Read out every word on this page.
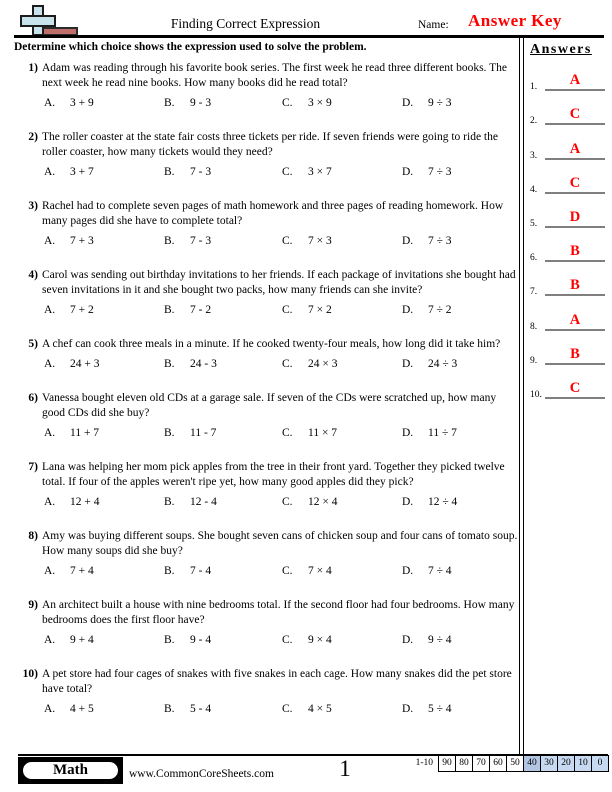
Finding Correct Expression	Name: Answer Key
Determine which choice shows the expression used to solve the problem.	Answers
1.	A
2.	C
3.	A
4.	C
5.	D
6.	B
7.	B
8.	A
9.	B
10.	C
1) Adam was reading through his favorite book series. The first week he read three different books. The next week he read nine books. How many books did he read total?
A. 3 + 9	B. 9 - 3	C. 3 × 9	D. 9 ÷ 3
2) The roller coaster at the state fair costs three tickets per ride. If seven friends were going to ride the roller coaster, how many tickets would they need?
A. 3 + 7	B. 7 - 3	C. 3 × 7	D. 7 ÷ 3
3) Rachel had to complete seven pages of math homework and three pages of reading homework. How many pages did she have to complete total?
A. 7 + 3	B. 7 - 3	C. 7 × 3	D. 7 ÷ 3
4) Carol was sending out birthday invitations to her friends. If each package of invitations she bought had seven invitations in it and she bought two packs, how many friends can she invite?
A. 7 + 2	B. 7 - 2	C. 7 × 2	D. 7 ÷ 2
5) A chef can cook three meals in a minute. If he cooked twenty-four meals, how long did it take him?
A. 24 + 3	B. 24 - 3	C. 24 × 3	D. 24 ÷ 3
6) Vanessa bought eleven old CDs at a garage sale. If seven of the CDs were scratched up, how many good CDs did she buy?
A. 11 + 7	B. 11 - 7	C. 11 × 7	D. 11 ÷ 7
7) Lana was helping her mom pick apples from the tree in their front yard. Together they picked twelve total. If four of the apples weren't ripe yet, how many good apples did they pick?
A. 12 + 4	B. 12 - 4	C. 12 × 4	D. 12 ÷ 4
8) Amy was buying different soups. She bought seven cans of chicken soup and four cans of tomato soup. How many soups did she buy?
A. 7 + 4	B. 7 - 4	C. 7 × 4	D. 7 ÷ 4
9) An architect built a house with nine bedrooms total. If the second floor had four bedrooms. How many bedrooms does the first floor have?
A. 9 + 4	B. 9 - 4	C. 9 × 4	D. 9 ÷ 4
10) A pet store had four cages of snakes with five snakes in each cage. How many snakes did the pet store have total?
A. 4 + 5	B. 5 - 4	C. 4 × 5	D. 5 ÷ 4
Math	www.CommonCoreSheets.com	1	1-10 90 80 70 60 50 40 30 20 10	0
